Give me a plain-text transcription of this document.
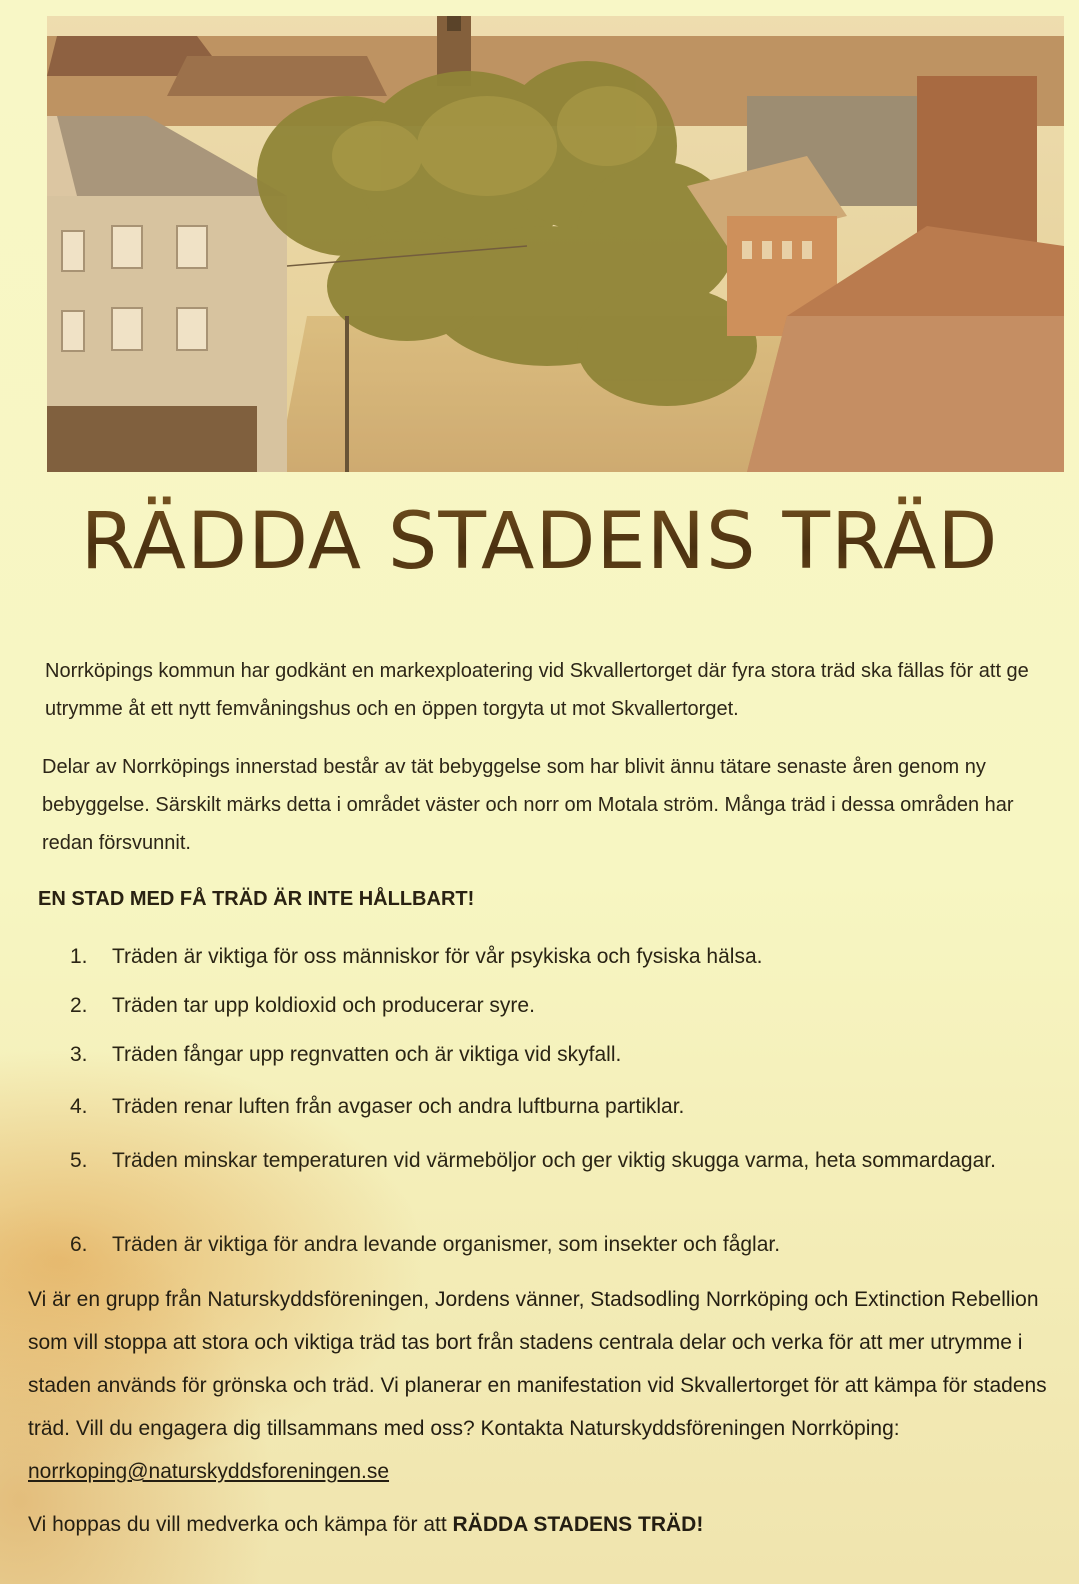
RÄDDA STADENS TRÄD

Norrköpings kommun har godkänt en markexploatering vid Skvallertorget där fyra stora träd ska fällas för att ge utrymme åt ett nytt femvåningshus och en öppen torgyta ut mot Skvallertorget.

Delar av Norrköpings innerstad består av tät bebyggelse som har blivit ännu tätare senaste åren genom ny bebyggelse. Särskilt märks detta i området väster och norr om Motala ström. Många träd i dessa områden har redan försvunnit.

EN STAD MED FÅ TRÄD ÄR INTE HÅLLBART!

1.	Träden är viktiga för oss människor för vår psykiska och fysiska hälsa.
2.	Träden tar upp koldioxid och producerar syre.
3.	Träden fångar upp regnvatten och är viktiga vid skyfall.
4.	Träden renar luften från avgaser och andra luftburna partiklar.
5.	Träden minskar temperaturen vid värmeböljor och ger viktig skugga varma, heta sommardagar.
6.	Träden är viktiga för andra levande organismer, som insekter och fåglar.

Vi är en grupp från Naturskyddsföreningen, Jordens vänner, Stadsodling Norrköping och Extinction Rebellion som vill stoppa att stora och viktiga träd tas bort från stadens centrala delar och verka för att mer utrymme i staden används för grönska och träd. Vi planerar en manifestation vid Skvallertorget för att kämpa för stadens träd. Vill du engagera dig tillsammans med oss? Kontakta Naturskyddsföreningen Norrköping: norrkoping@naturskyddsforeningen.se

Vi hoppas du vill medverka och kämpa för att RÄDDA STADENS TRÄD!
